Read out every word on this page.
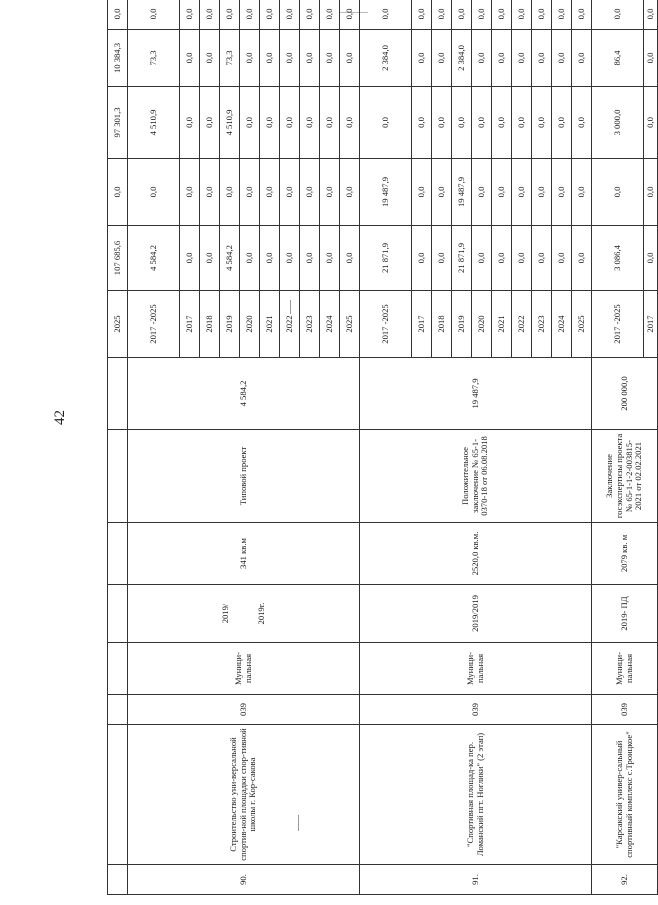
42
								2025	107 685,6	0,0	97 301,3	10 384,3	0,0	
90.	Строительство уни-версальной спортив-ной площадки спор-тивной школы г. Кор-сакова	039	Муници-пальная	2019/ 2019г.	341 кв.м	Типовой проект	4 584,2	2017 -2025	4 584,2	0,0	4 510,9	73,3	0,0	
								2017	0,0	0,0	0,0	0,0	0,0	
								2018	0,0	0,0	0,0	0,0	0,0	
								2019	4 584,2	0,0	4 510,9	73,3	0,0	
								2020	0,0	0,0	0,0	0,0	0,0	
								2021	0,0	0,0	0,0	0,0	0,0	
								2022	0,0	0,0	0,0	0,0	0,0	
								2023	0,0	0,0	0,0	0,0	0,0	
								2024	0,0	0,0	0,0	0,0	0,0	
								2025	0,0	0,0	0,0	0,0	0,0	
91.	"Спортивная площад-ка пер. Ломанский пгт. Ноглики" (2 этап)	039	Муници-пальная	2019/2019	2520,0 кв.м.	Положительное заключение № 65-1-0370-18 от 06.08.2018	19 487,9	2017 -2025	21 871,9	19 487,9	0,0	2 384,0	0,0	
								2017	0,0	0,0	0,0	0,0	0,0	
								2018	0,0	0,0	0,0	0,0	0,0	
								2019	21 871,9	19 487,9	0,0	2 384,0	0,0	
								2020	0,0	0,0	0,0	0,0	0,0	
								2021	0,0	0,0	0,0	0,0	0,0	
								2022	0,0	0,0	0,0	0,0	0,0	
								2023	0,0	0,0	0,0	0,0	0,0	
								2024	0,0	0,0	0,0	0,0	0,0	
								2025	0,0	0,0	0,0	0,0	0,0	
92.	"Карсакский универ-сальный спортивный комплекс с.Троицкое"	039	Муници-пальная	2019- ПД	2079 кв. м	Заключение госэкспертизы проекта № 65-1-1-2-003815-2021 от 02.02.2021	200 000,0	2017 -2025	3 086,4	0,0	3 000,0	86,4	0,0	
								2017	0,0	0,0	0,0	0,0	0,0	
